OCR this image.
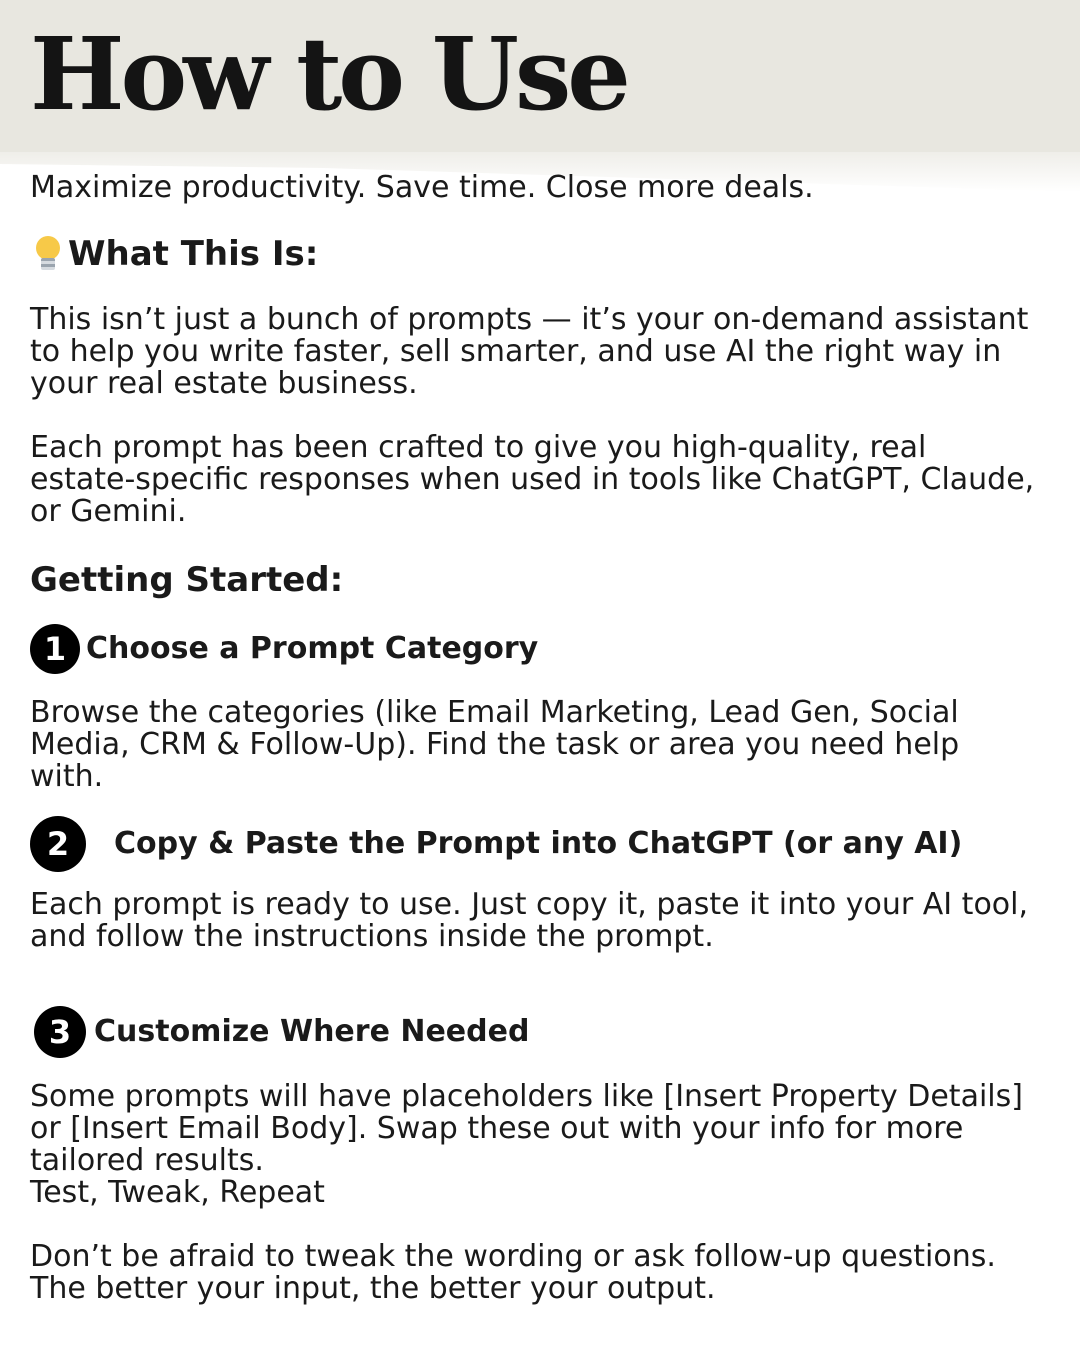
How to Use

Maximize productivity. Save time. Close more deals.

What This Is:

This isn’t just a bunch of prompts — it’s your on-demand assistant to help you write faster, sell smarter, and use AI the right way in your real estate business.

Each prompt has been crafted to give you high-quality, real estate-specific responses when used in tools like ChatGPT, Claude, or Gemini.

Getting Started:
1 Choose a Prompt Category

Browse the categories (like Email Marketing, Lead Gen, Social Media, CRM & Follow-Up). Find the task or area you need help with.

2	Copy & Paste the Prompt into ChatGPT (or any AI)

Each prompt is ready to use. Just copy it, paste it into your AI tool, and follow the instructions inside the prompt.

3 Customize Where Needed

Some prompts will have placeholders like [Insert Property Details] or [Insert Email Body]. Swap these out with your info for more tailored results.

Test, Tweak, Repeat

Don’t be afraid to tweak the wording or ask follow-up questions. The better your input, the better your output.
